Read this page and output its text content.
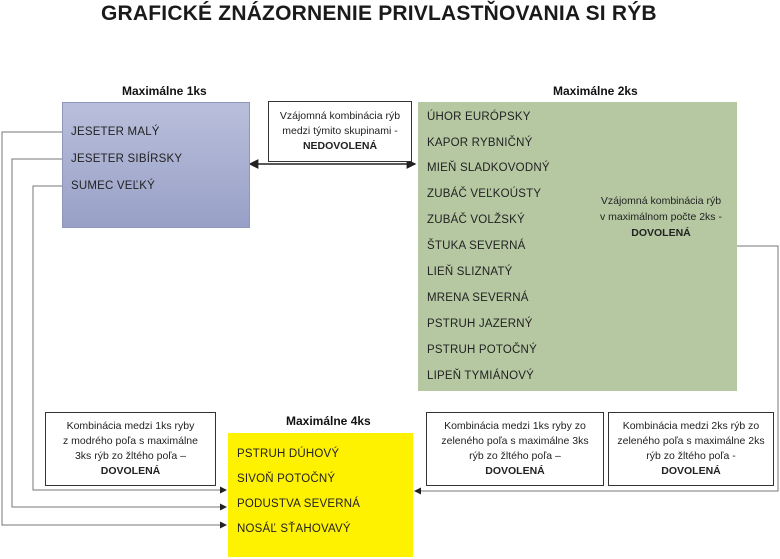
GRAFICKÉ ZNÁZORNENIE PRIVLASTŇOVANIA SI RÝB
Maximálne 1ks	Maximálne 2ks
Maximálne 4ks
JESETER MALÝ
JESETER SIBÍRSKY
SUMEC VEĽKÝ
ÚHOR EURÓPSKY
KAPOR RYBNIČNÝ
MIEŇ SLADKOVODNÝ
ZUBÁČ VEĽKOÚSTY
ZUBÁČ VOLŽSKÝ
ŠTUKA SEVERNÁ
LIEŇ SLIZNATÝ
MRENA SEVERNÁ
PSTRUH JAZERNÝ
PSTRUH POTOČNÝ
LIPEŇ TYMIÁNOVÝ
Vzájomná kombinácia rýb
v maximálnom počte 2ks -
DOVOLENÁ
PSTRUH DÚHOVÝ
SIVOŇ POTOČNÝ
PODUSTVA SEVERNÁ
NOSÁĽ SŤAHOVAVÝ
Vzájomná kombinácia rýb
medzi týmito skupinami -
NEDOVOLENÁ
Kombinácia medzi 1ks ryby
z modrého poľa s maximálne
3ks rýb zo žltého poľa –
DOVOLENÁ
Kombinácia medzi 1ks ryby zo
zeleného poľa s maximálne 3ks
rýb zo žltého poľa –
DOVOLENÁ
Kombinácia medzi 2ks rýb zo
zeleného poľa s maximálne 2ks
rýb zo žltého poľa -
DOVOLENÁ
